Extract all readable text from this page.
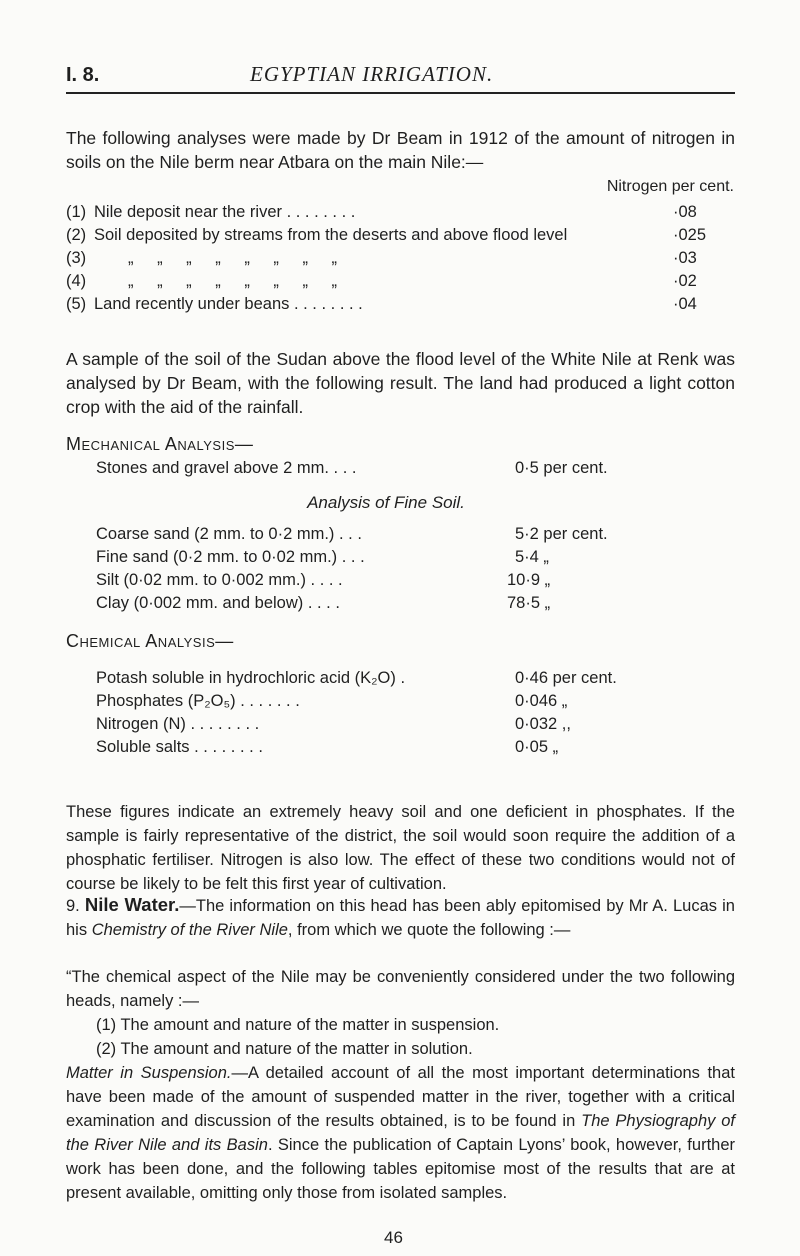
I. 8.	EGYPTIAN IRRIGATION.

The following analyses were made by Dr Beam in 1912 of the amount of nitrogen in soils on the Nile berm near Atbara on the main Nile:—

Nitrogen per cent.
(1) Nile deposit near the river . . . . . . . .	·08
(2) Soil deposited by streams from the deserts and above flood level	·025
(3)	„ „ „ „ „ „ „ „	·03
(4)	„ „ „ „ „ „ „ „	·02
(5) Land recently under beans . . . . . . . .	·04

A sample of the soil of the Sudan above the flood level of the White Nile at Renk was analysed by Dr Beam, with the following result. The land had produced a light cotton crop with the aid of the rainfall.

Mechanical Analysis—
Stones and gravel above 2 mm. . . .	0·5 per cent.
Analysis of Fine Soil.
Coarse sand (2 mm. to 0·2 mm.) . . .	5·2 per cent.
Fine sand (0·2 mm. to 0·02 mm.) . . .	5·4 „
Silt (0·02 mm. to 0·002 mm.) . . . .	10·9 „
Clay (0·002 mm. and below) . . . .	78·5 „
Chemical Analysis—
Potash soluble in hydrochloric acid (K₂O) .	0·46 per cent.
Phosphates (P₂O₅) . . . . . . .	0·046 „
Nitrogen (N) . . . . . . . .	0·032 ,,
Soluble salts . . . . . . . .	0·05 „

These figures indicate an extremely heavy soil and one deficient in phosphates. If the sample is fairly representative of the district, the soil would soon require the addition of a phosphatic fertiliser. Nitrogen is also low. The effect of these two conditions would not of course be likely to be felt this first year of cultivation.

9. Nile Water.—The information on this head has been ably epitomised by Mr A. Lucas in his Chemistry of the River Nile, from which we quote the following :—

“The chemical aspect of the Nile may be conveniently considered under the two following heads, namely :—

(1) The amount and nature of the matter in suspension.
(2) The amount and nature of the matter in solution.

Matter in Suspension.—A detailed account of all the most important determinations that have been made of the amount of suspended matter in the river, together with a critical examination and discussion of the results obtained, is to be found in The Physiography of the River Nile and its Basin. Since the publication of Captain Lyons’ book, however, further work has been done, and the following tables epitomise most of the results that are at present available, omitting only those from isolated samples.

46
